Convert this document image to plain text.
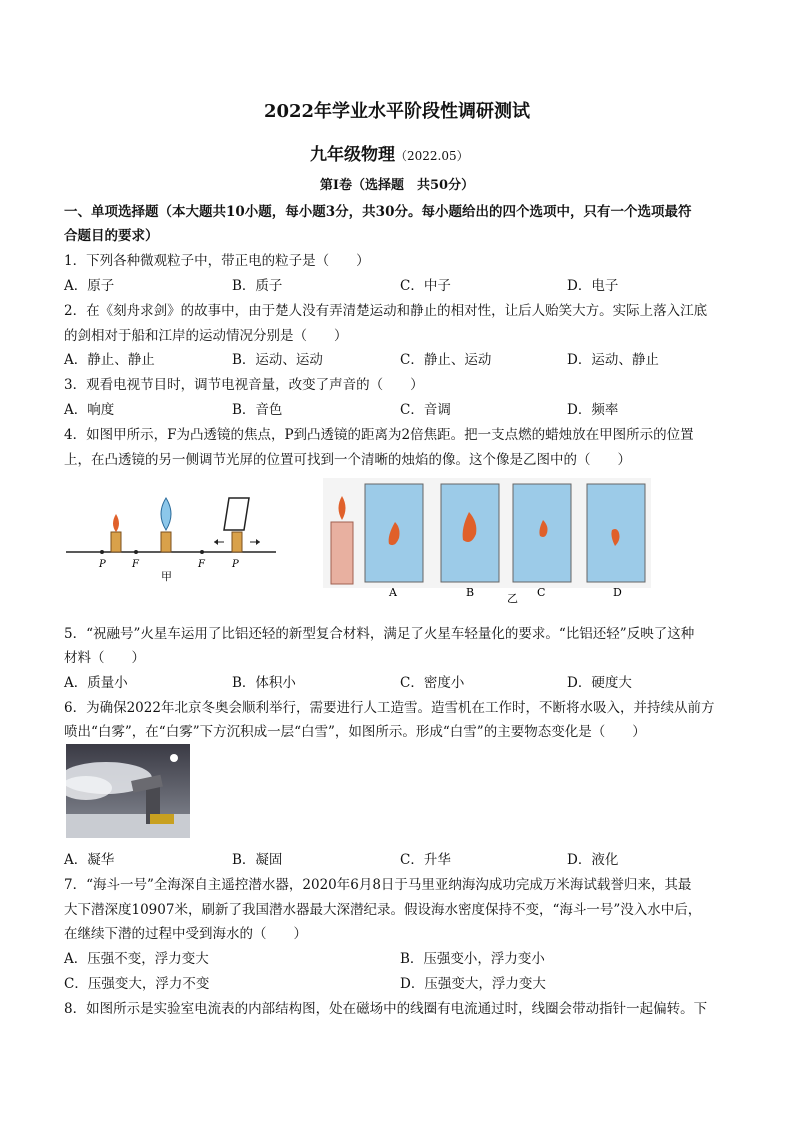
2022年学业水平阶段性调研测试
九年级物理（2022.05）
第Ⅰ卷（选择题　共50分）
一、单项选择题（本大题共10小题，每小题3分，共30分。每小题给出的四个选项中，只有一个选项最符
合题目的要求）
1．下列各种微观粒子中，带正电的粒子是（　　）
A．原子	B．质子	C．中子	D．电子
2．在《刻舟求剑》的故事中，由于楚人没有弄清楚运动和静止的相对性，让后人贻笑大方。实际上落入江底
的剑相对于船和江岸的运动情况分别是（　　）
A．静止、静止	B．运动、运动	C．静止、运动	D．运动、静止
3．观看电视节目时，调节电视音量，改变了声音的（　　）
A．响度	B．音色	C．音调	D．频率
4．如图甲所示，F为凸透镜的焦点，P到凸透镜的距离为2倍焦距。把一支点燃的蜡烛放在甲图所示的位置
上，在凸透镜的另一侧调节光屏的位置可找到一个清晰的烛焰的像。这个像是乙图中的（　　）
P	F	F	P
甲
A	B	乙 C	D
5．“祝融号”火星车运用了比铝还轻的新型复合材料，满足了火星车轻量化的要求。“比铝还轻”反映了这种
材料（　　）
A．质量小	B．体积小	C．密度小	D．硬度大
6．为确保2022年北京冬奥会顺利举行，需要进行人工造雪。造雪机在工作时，不断将水吸入，并持续从前方
喷出“白雾”，在“白雾”下方沉积成一层“白雪”，如图所示。形成“白雪”的主要物态变化是（　　）
A．凝华	B．凝固	C．升华	D．液化
7．“海斗一号”全海深自主遥控潜水器，2020年6月8日于马里亚纳海沟成功完成万米海试载誉归来，其最
大下潜深度10907米，刷新了我国潜水器最大深潜纪录。假设海水密度保持不变，“海斗一号”没入水中后，
在继续下潜的过程中受到海水的（　　）
A．压强不变，浮力变大	B．压强变小，浮力变小
C．压强变大，浮力不变	D．压强变大，浮力变大
8．如图所示是实验室电流表的内部结构图，处在磁场中的线圈有电流通过时，线圈会带动指针一起偏转。下
